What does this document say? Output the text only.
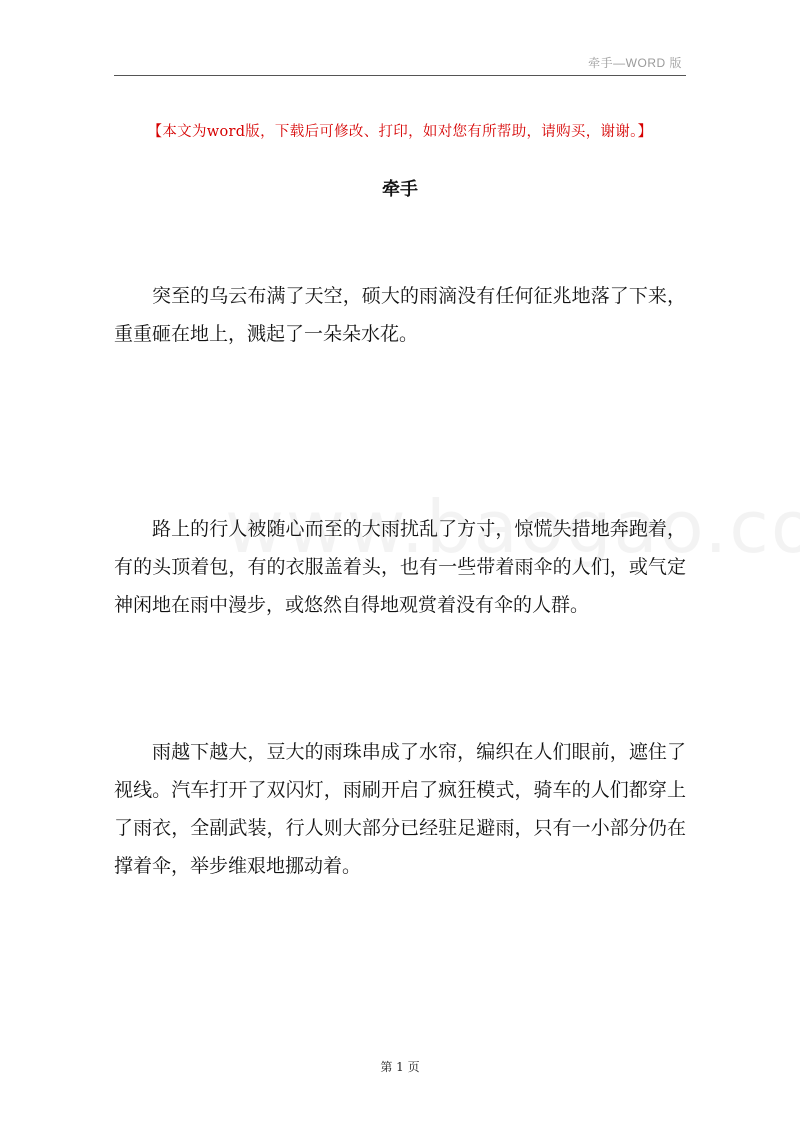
牵手—WORD 版
【本文为word版，下载后可修改、打印，如对您有所帮助，请购买，谢谢。】
牵手

突至的乌云布满了天空，硕大的雨滴没有任何征兆地落了下来，重重砸在地上，溅起了一朵朵水花。

路上的行人被随心而至的大雨扰乱了方寸，惊慌失措地奔跑着，有的头顶着包，有的衣服盖着头，也有一些带着雨伞的人们，或气定神闲地在雨中漫步，或悠然自得地观赏着没有伞的人群。

雨越下越大，豆大的雨珠串成了水帘，编织在人们眼前，遮住了视线。汽车打开了双闪灯，雨刷开启了疯狂模式，骑车的人们都穿上了雨衣，全副武装，行人则大部分已经驻足避雨，只有一小部分仍在撑着伞，举步维艰地挪动着。

第 1 页
